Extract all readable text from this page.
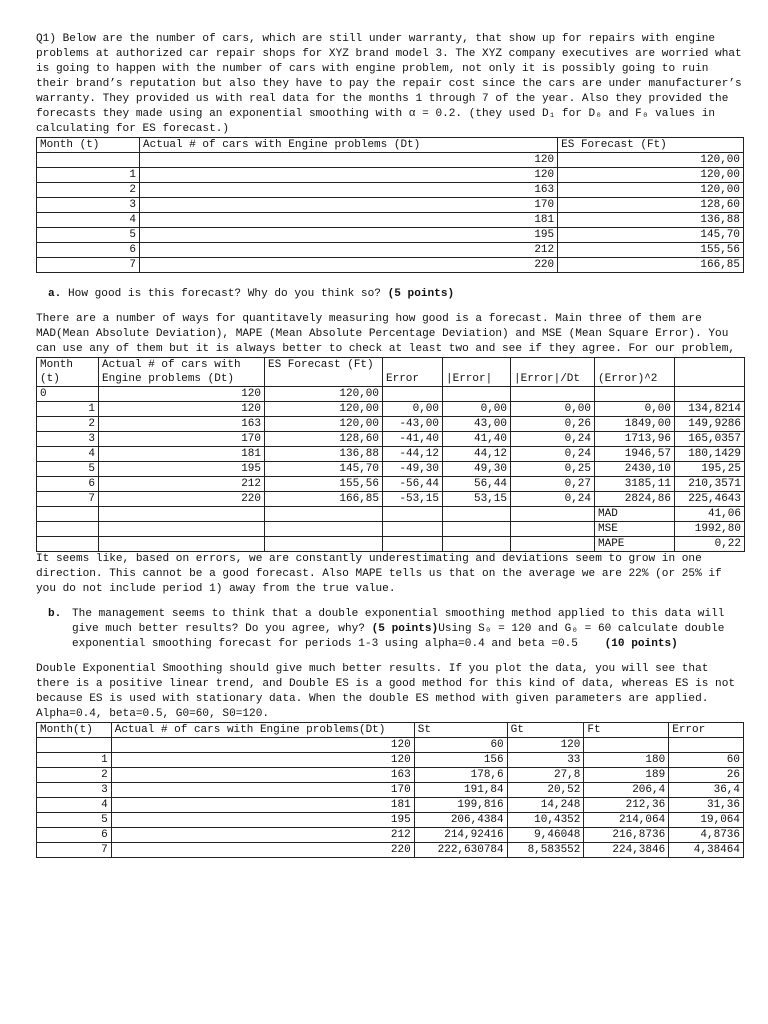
Q1) Below are the number of cars, which are still under warranty, that show up for repairs with engine problems at authorized car repair shops for XYZ brand model 3. The XYZ company executives are worried what is going to happen with the number of cars with engine problem, not only it is possibly going to ruin their brand’s reputation but also they have to pay the repair cost since the cars are under manufacturer’s warranty. They provided us with real data for the months 1 through 7 of the year. Also they provided the forecasts they made using an exponential smoothing with α = 0.2. (they used D₁ for D₀ and F₀ values in calculating for ES forecast.)

Month (t)	Actual # of cars with Engine problems (Dt)	ES Forecast (Ft)
	120	120,00
1	120	120,00
2	163	120,00
3	170	128,60
4	181	136,88
5	195	145,70
6	212	155,56
7	220	166,85

a. How good is this forecast? Why do you think so? (5 points)

There are a number of ways for quantitavely measuring how good is a forecast. Main three of them are MAD(Mean Absolute Deviation), MAPE (Mean Absolute Percentage Deviation) and MSE (Mean Square Error). You can use any of them but it is always better to check at least two and see if they agree. For our problem,

Month (t)	Actual # of cars with Engine problems (Dt)	ES Forecast (Ft)	Error	|Error|	|Error|/Dt	(Error)^2	
0	120	120,00					
1	120	120,00	0,00	0,00	0,00	0,00	134,8214
2	163	120,00	-43,00	43,00	0,26	1849,00	149,9286
3	170	128,60	-41,40	41,40	0,24	1713,96	165,0357
4	181	136,88	-44,12	44,12	0,24	1946,57	180,1429
5	195	145,70	-49,30	49,30	0,25	2430,10	195,25
6	212	155,56	-56,44	56,44	0,27	3185,11	210,3571
7	220	166,85	-53,15	53,15	0,24	2824,86	225,4643
						MAD	41,06
						MSE	1992,80
						MAPE	0,22

It seems like, based on errors, we are constantly underestimating and deviations seem to grow in one direction. This cannot be a good forecast. Also MAPE tells us that on the average we are 22% (or 25% if you do not include period 1) away from the true value.

b. The management seems to think that a double exponential smoothing method applied to this data will give much better results? Do you agree, why? (5 points)Using S₀ = 120 and G₀ = 60 calculate double exponential smoothing forecast for periods 1-3 using alpha=0.4 and beta =0.5 (10 points)

Double Exponential Smoothing should give much better results. If you plot the data, you will see that there is a positive linear trend, and Double ES is a good method for this kind of data, whereas ES is not because ES is used with stationary data. When the double ES method with given parameters are applied. Alpha=0.4, beta=0.5, G0=60, S0=120.

Month(t)	Actual # of cars with Engine problems(Dt)	St	Gt	Ft	Error
	120	60	120		
1	120	156	33	180	60
2	163	178,6	27,8	189	26
3	170	191,84	20,52	206,4	36,4
4	181	199,816	14,248	212,36	31,36
5	195	206,4384	10,4352	214,064	19,064
6	212	214,92416	9,46048	216,8736	4,8736
7	220	222,630784	8,583552	224,3846	4,38464
